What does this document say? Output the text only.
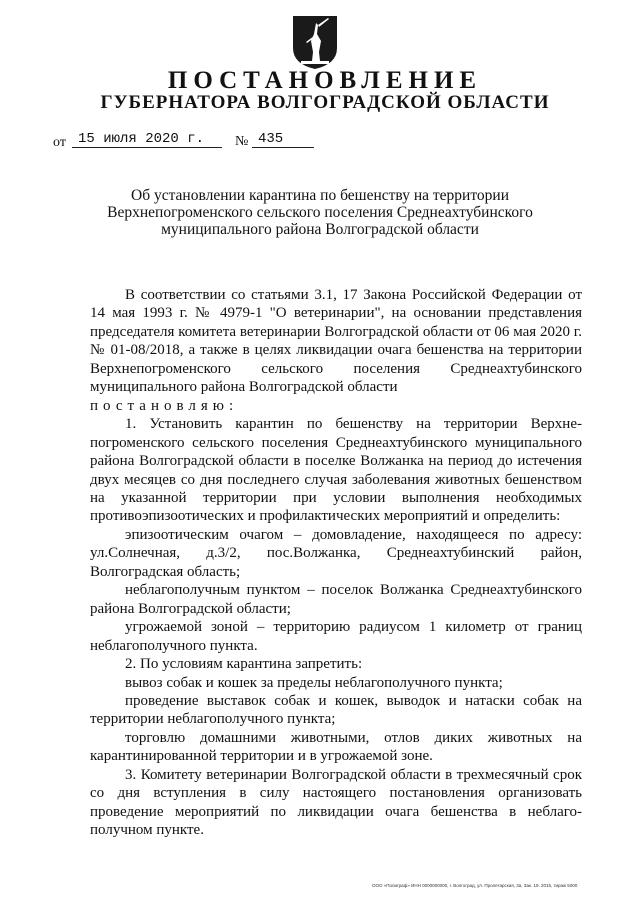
ПОСТАНОВЛЕНИЕ
ГУБЕРНАТОРА ВОЛГОГРАДСКОЙ ОБЛАСТИ
от 15 июля 2020 г. № 435
Об установлении карантина по бешенству на территории
Верхнепогроменского сельского поселения Среднеахтубинского
муниципального района Волгоградской области

В соответствии со статьями 3.1, 17 Закона Российской Федерации от 14 мая 1993 г. № 4979-1 "О ветеринарии", на основании представления председателя комитета ветеринарии Волгоградской области от 06 мая 2020 г. № 01-08/2018, а также в целях ликвидации очага бешенства на территории Верхнепогроменского сельского поселения Среднеахтубинского муниципального района Волгоградской области

постановляю:

1. Установить карантин по бешенству на территории Верхне-погроменского сельского поселения Среднеахтубинского муниципального района Волгоградской области в поселке Волжанка на период до истечения двух месяцев со дня последнего случая заболевания животных бешенством на указанной территории при условии выполнения необходимых противоэпизоотических и профилактических мероприятий и определить:

эпизоотическим очагом – домовладение, находящееся по адресу: ул.Солнечная, д.3/2, пос.Волжанка, Среднеахтубинский район, Волгоградская область;

неблагополучным пунктом – поселок Волжанка Среднеахтубинского района Волгоградской области;

угрожаемой зоной – территорию радиусом 1 километр от границ неблагополучного пункта.

2. По условиям карантина запретить:

вывоз собак и кошек за пределы неблагополучного пункта;

проведение выставок собак и кошек, выводок и натаски собак на территории неблагополучного пункта;

торговлю домашними животными, отлов диких животных на карантинированной территории и в угрожаемой зоне.

3. Комитету ветеринарии Волгоградской области в трехмесячный срок со дня вступления в силу настоящего постановления организовать проведение мероприятий по ликвидации очага бешенства в неблаго-получном пункте.

ООО «Полиграф» ИНН 0000000000, г. Волгоград, ул. Пролетарская, 3а, Зак. 19. 2015, тираж 5000
